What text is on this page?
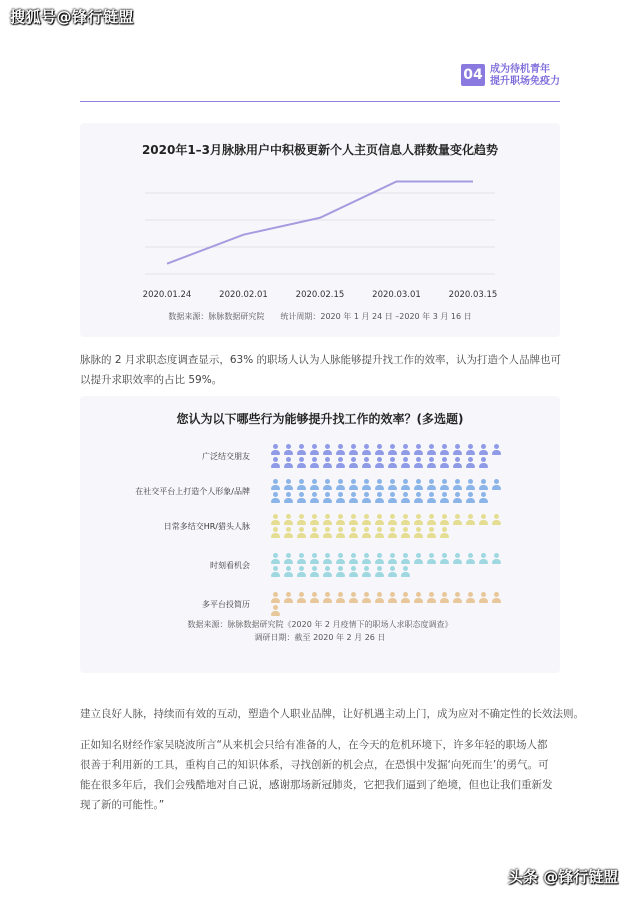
搜狐号@锋行链盟
04 成为待机青年
提升职场免疫力
2020年1–3月脉脉用户中积极更新个人主页信息人群数量变化趋势
2020.01.24	2020.02.01	2020.02.15	2020.03.01	2020.03.15
数据来源：脉脉数据研究院　　统计周期：2020 年 1 月 24 日 –2020 年 3 月 16 日
脉脉的 2 月求职态度调查显示，63% 的职场人认为人脉能够提升找工作的效率，认为打造个人品牌也可
以提升求职效率的占比 59%。
您认为以下哪些行为能够提升找工作的效率？(多选题)
广泛结交朋友
在社交平台上打造个人形象/品牌
日常多结交HR/猎头人脉
时刻看机会
多平台投简历
数据来源：脉脉数据研究院《2020 年 2 月疫情下的职场人求职态度调查》
调研日期：截至 2020 年 2 月 26 日
建立良好人脉，持续而有效的互动，塑造个人职业品牌，让好机遇主动上门，成为应对不确定性的长效法则。
正如知名财经作家吴晓波所言“从来机会只给有准备的人，在今天的危机环境下，许多年轻的职场人都
很善于利用新的工具，重构自己的知识体系，寻找创新的机会点，在恐惧中发掘‘向死而生’的勇气。可
能在很多年后，我们会残酷地对自己说，感谢那场新冠肺炎，它把我们逼到了绝境，但也让我们重新发
现了新的可能性。”
头条 @锋行链盟
